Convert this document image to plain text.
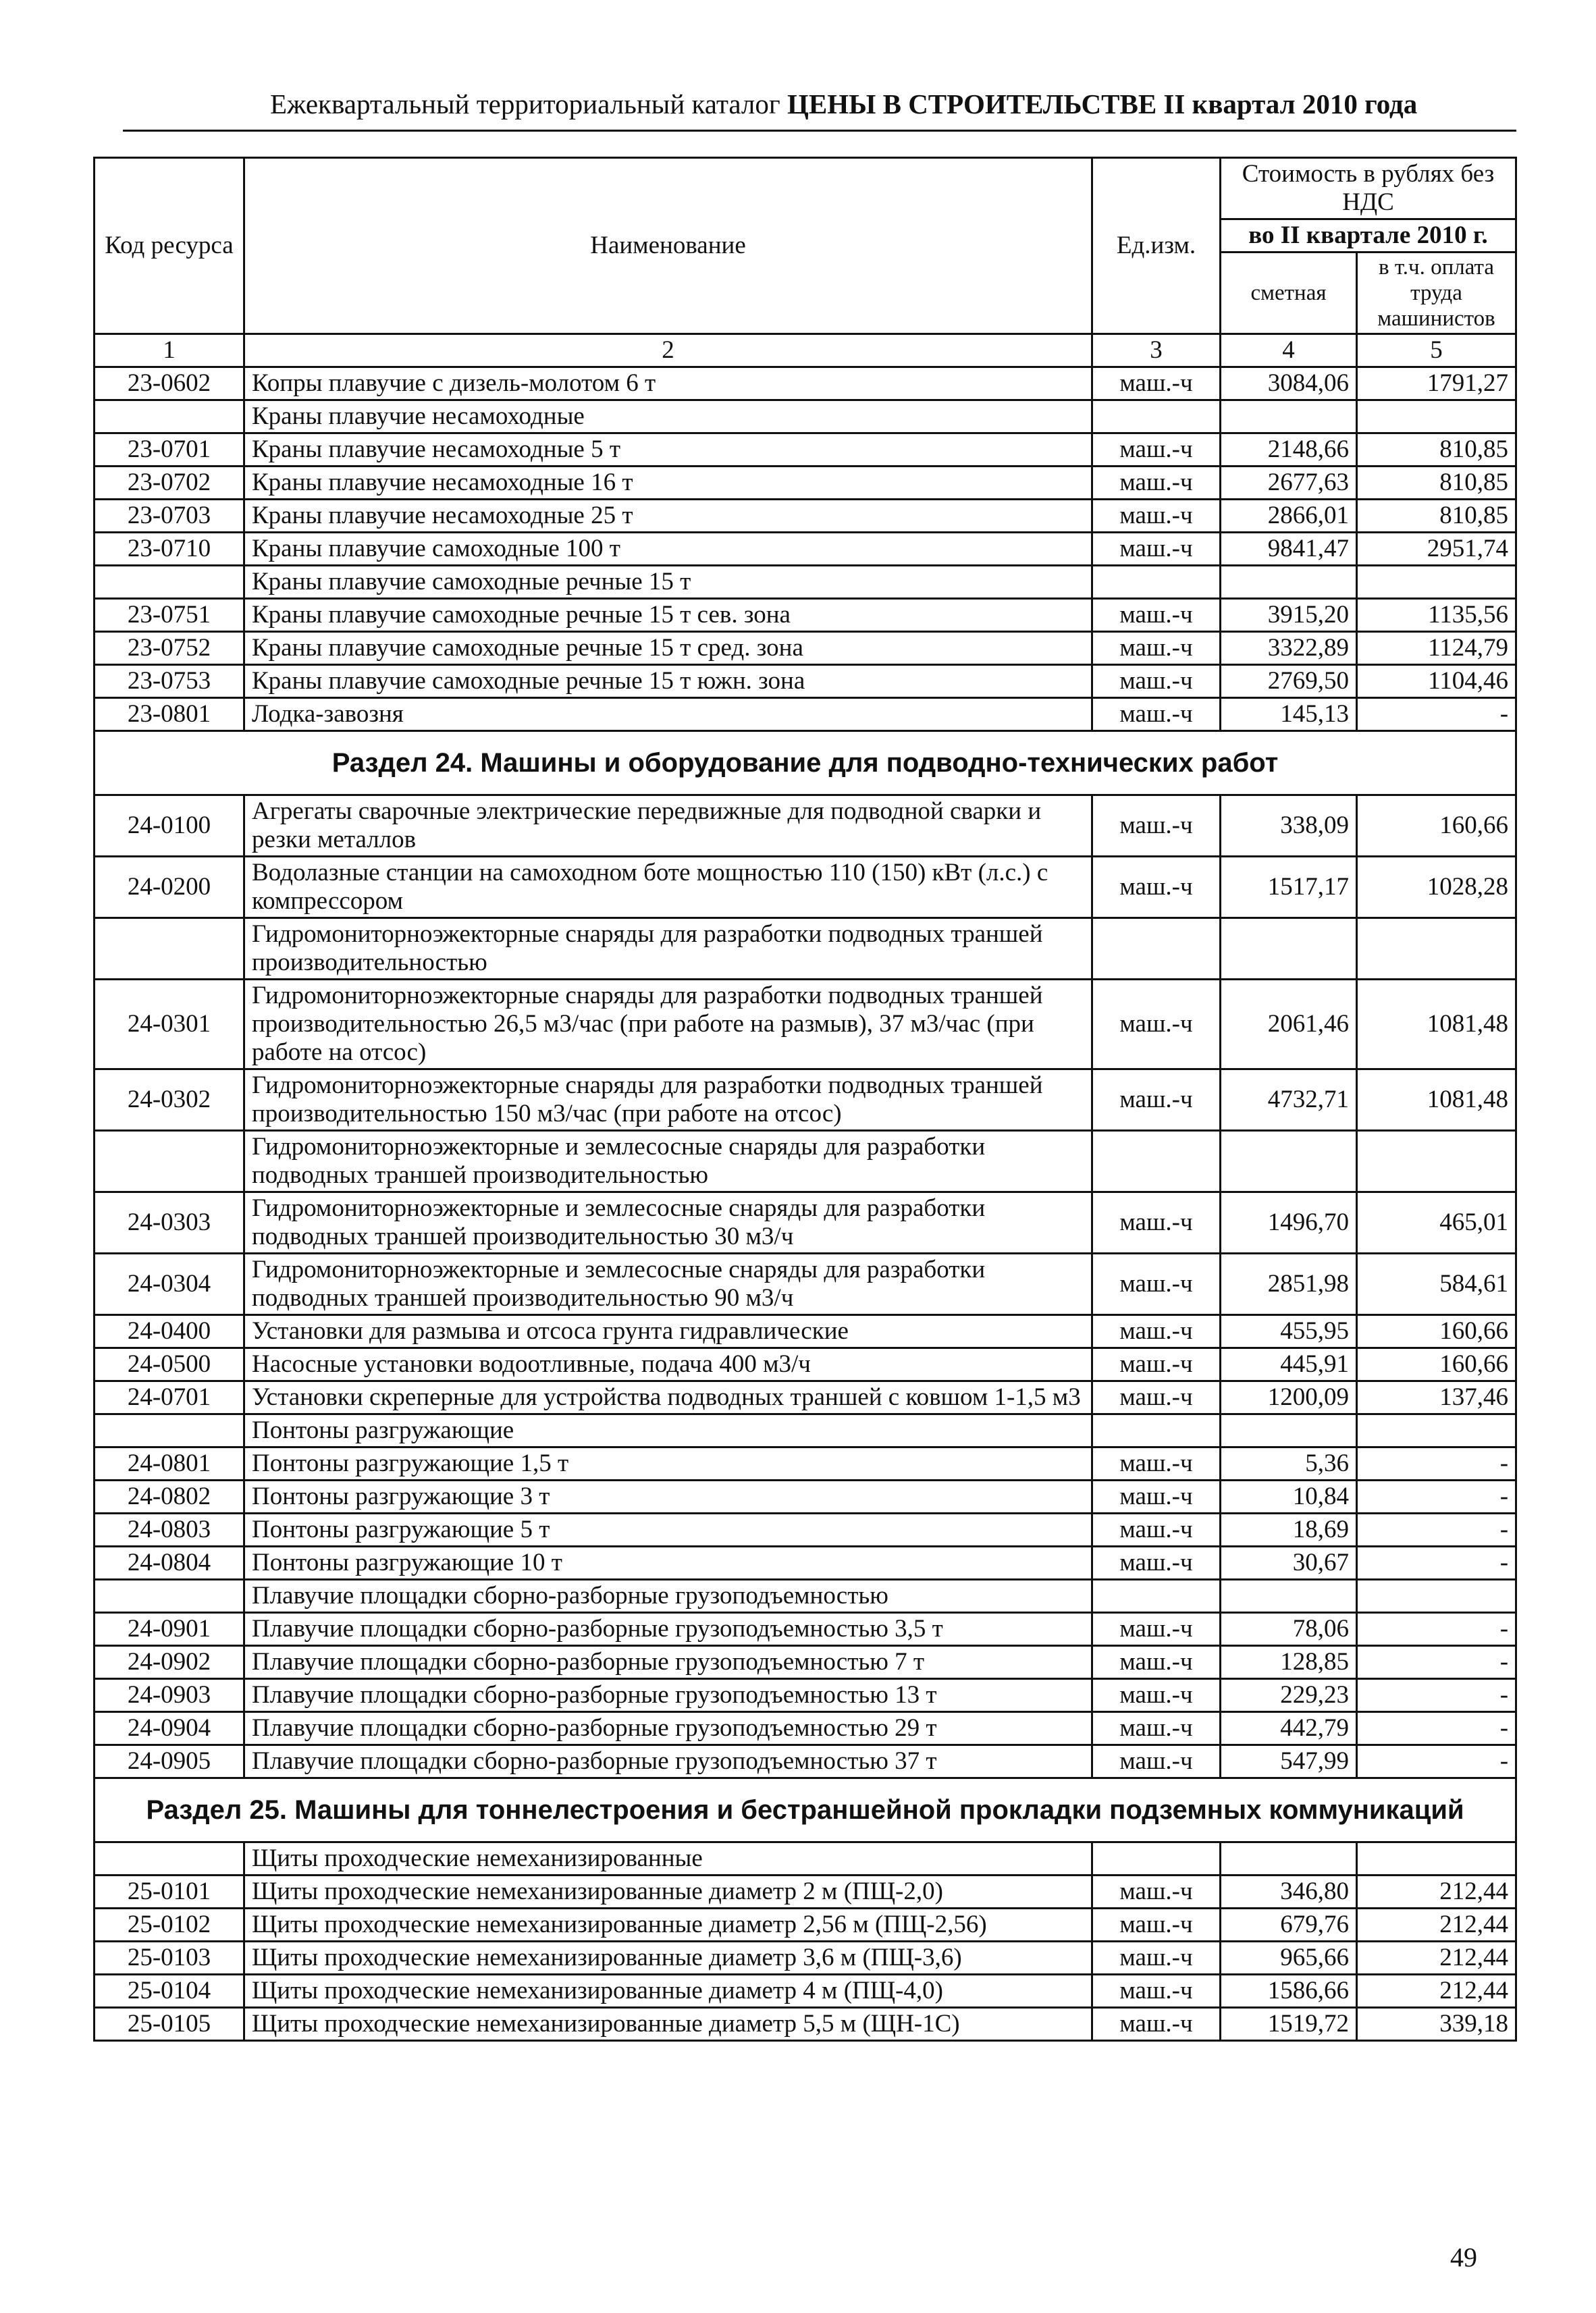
Ежеквартальный территориальный каталог ЦЕНЫ В СТРОИТЕЛЬСТВЕ II квартал 2010 года
Код ресурса	Наименование	Ед.изм.	Стоимость в рублях без НДС	
			во II квартале 2010 г.	
			сметная	в т.ч. оплата труда машинистов
1	2	3	4	5
23-0602	Копры плавучие с дизель-молотом 6 т	маш.-ч	3084,06	1791,27
	Краны плавучие несамоходные			
23-0701	Краны плавучие несамоходные 5 т	маш.-ч	2148,66	810,85
23-0702	Краны плавучие несамоходные 16 т	маш.-ч	2677,63	810,85
23-0703	Краны плавучие несамоходные 25 т	маш.-ч	2866,01	810,85
23-0710	Краны плавучие самоходные 100 т	маш.-ч	9841,47	2951,74
	Краны плавучие самоходные речные 15 т			
23-0751	Краны плавучие самоходные речные 15 т сев. зона	маш.-ч	3915,20	1135,56
23-0752	Краны плавучие самоходные речные 15 т сред. зона	маш.-ч	3322,89	1124,79
23-0753	Краны плавучие самоходные речные 15 т южн. зона	маш.-ч	2769,50	1104,46
23-0801	Лодка-завозня	маш.-ч	145,13	-
Раздел 24. Машины и оборудование для подводно-технических работ				
24-0100	Агрегаты сварочные электрические передвижные для подводной сварки и резки металлов	маш.-ч	338,09	160,66
24-0200	Водолазные станции на самоходном боте мощностью 110 (150) кВт (л.с.) с компрессором	маш.-ч	1517,17	1028,28
	Гидромониторноэжекторные снаряды для разработки подводных траншей производительностью			
24-0301	Гидромониторноэжекторные снаряды для разработки подводных траншей производительностью 26,5 м3/час (при работе на размыв), 37 м3/час (при работе на отсос)	маш.-ч	2061,46	1081,48
24-0302	Гидромониторноэжекторные снаряды для разработки подводных траншей производительностью 150 м3/час (при работе на отсос)	маш.-ч	4732,71	1081,48
	Гидромониторноэжекторные и землесосные снаряды для разработки подводных траншей производительностью			
24-0303	Гидромониторноэжекторные и землесосные снаряды для разработки подводных траншей производительностью 30 м3/ч	маш.-ч	1496,70	465,01
24-0304	Гидромониторноэжекторные и землесосные снаряды для разработки подводных траншей производительностью 90 м3/ч	маш.-ч	2851,98	584,61
24-0400	Установки для размыва и отсоса грунта гидравлические	маш.-ч	455,95	160,66
24-0500	Насосные установки водоотливные, подача 400 м3/ч	маш.-ч	445,91	160,66
24-0701	Установки скреперные для устройства подводных траншей с ковшом 1-1,5 м3	маш.-ч	1200,09	137,46
	Понтоны разгружающие			
24-0801	Понтоны разгружающие 1,5 т	маш.-ч	5,36	-
24-0802	Понтоны разгружающие 3 т	маш.-ч	10,84	-
24-0803	Понтоны разгружающие 5 т	маш.-ч	18,69	-
24-0804	Понтоны разгружающие 10 т	маш.-ч	30,67	-
	Плавучие площадки сборно-разборные грузоподъемностью			
24-0901	Плавучие площадки сборно-разборные грузоподъемностью 3,5 т	маш.-ч	78,06	-
24-0902	Плавучие площадки сборно-разборные грузоподъемностью 7 т	маш.-ч	128,85	-
24-0903	Плавучие площадки сборно-разборные грузоподъемностью 13 т	маш.-ч	229,23	-
24-0904	Плавучие площадки сборно-разборные грузоподъемностью 29 т	маш.-ч	442,79	-
24-0905	Плавучие площадки сборно-разборные грузоподъемностью 37 т	маш.-ч	547,99	-
Раздел 25. Машины для тоннелестроения и бестраншейной прокладки подземных коммуникаций				
	Щиты проходческие немеханизированные			
25-0101	Щиты проходческие немеханизированные диаметр 2 м (ПЩ-2,0)	маш.-ч	346,80	212,44
25-0102	Щиты проходческие немеханизированные диаметр 2,56 м (ПЩ-2,56)	маш.-ч	679,76	212,44
25-0103	Щиты проходческие немеханизированные диаметр 3,6 м (ПЩ-3,6)	маш.-ч	965,66	212,44
25-0104	Щиты проходческие немеханизированные диаметр 4 м (ПЩ-4,0)	маш.-ч	1586,66	212,44
25-0105	Щиты проходческие немеханизированные диаметр 5,5 м (ЩН-1С)	маш.-ч	1519,72	339,18
49
